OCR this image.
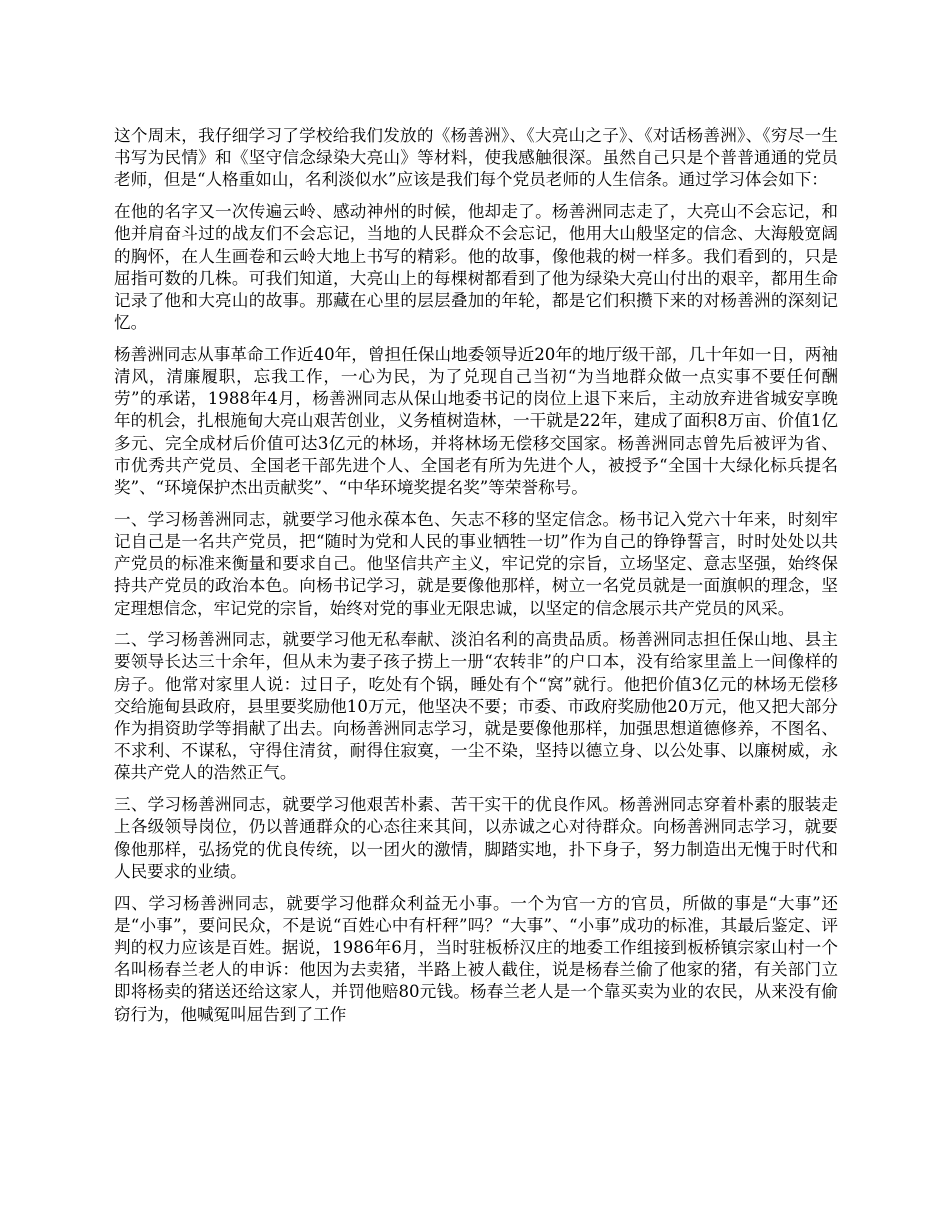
这个周末，我仔细学习了学校给我们发放的《杨善洲》、《大亮山之子》、《对话杨善洲》、《穷尽一生书写为民情》和《坚守信念绿染大亮山》等材料，使我感触很深。虽然自己只是个普普通通的党员老师，但是“人格重如山，名利淡似水”应该是我们每个党员老师的人生信条。通过学习体会如下：

在他的名字又一次传遍云岭、感动神州的时候，他却走了。杨善洲同志走了，大亮山不会忘记，和他并肩奋斗过的战友们不会忘记，当地的人民群众不会忘记，他用大山般坚定的信念、大海般宽阔的胸怀，在人生画卷和云岭大地上书写的精彩。他的故事，像他栽的树一样多。我们看到的，只是屈指可数的几株。可我们知道，大亮山上的每棵树都看到了他为绿染大亮山付出的艰辛，都用生命记录了他和大亮山的故事。那藏在心里的层层叠加的年轮，都是它们积攒下来的对杨善洲的深刻记忆。

杨善洲同志从事革命工作近40年，曾担任保山地委领导近20年的地厅级干部，几十年如一日，两袖清风，清廉履职，忘我工作，一心为民，为了兑现自己当初“为当地群众做一点实事不要任何酬劳”的承诺，1988年4月，杨善洲同志从保山地委书记的岗位上退下来后，主动放弃进省城安享晚年的机会，扎根施甸大亮山艰苦创业，义务植树造林，一干就是22年，建成了面积8万亩、价值1亿多元、完全成材后价值可达3亿元的林场，并将林场无偿移交国家。杨善洲同志曾先后被评为省、市优秀共产党员、全国老干部先进个人、全国老有所为先进个人，被授予“全国十大绿化标兵提名奖”、“环境保护杰出贡献奖”、“中华环境奖提名奖”等荣誉称号。

一、学习杨善洲同志，就要学习他永葆本色、矢志不移的坚定信念。杨书记入党六十年来，时刻牢记自己是一名共产党员，把“随时为党和人民的事业牺牲一切”作为自己的铮铮誓言，时时处处以共产党员的标准来衡量和要求自己。他坚信共产主义，牢记党的宗旨，立场坚定、意志坚强，始终保持共产党员的政治本色。向杨书记学习，就是要像他那样，树立一名党员就是一面旗帜的理念，坚定理想信念，牢记党的宗旨，始终对党的事业无限忠诚，以坚定的信念展示共产党员的风采。

二、学习杨善洲同志，就要学习他无私奉献、淡泊名利的高贵品质。杨善洲同志担任保山地、县主要领导长达三十余年，但从未为妻子孩子捞上一册“农转非”的户口本，没有给家里盖上一间像样的房子。他常对家里人说：过日子，吃处有个锅，睡处有个“窝”就行。他把价值3亿元的林场无偿移交给施甸县政府，县里要奖励他10万元，他坚决不要；市委、市政府奖励他20万元，他又把大部分作为捐资助学等捐献了出去。向杨善洲同志学习，就是要像他那样，加强思想道德修养，不图名、不求利、不谋私，守得住清贫，耐得住寂寞，一尘不染，坚持以德立身、以公处事、以廉树威，永葆共产党人的浩然正气。

三、学习杨善洲同志，就要学习他艰苦朴素、苦干实干的优良作风。杨善洲同志穿着朴素的服装走上各级领导岗位，仍以普通群众的心态往来其间，以赤诚之心对待群众。向杨善洲同志学习，就要像他那样，弘扬党的优良传统，以一团火的激情，脚踏实地，扑下身子，努力制造出无愧于时代和人民要求的业绩。

四、学习杨善洲同志，就要学习他群众利益无小事。一个为官一方的官员，所做的事是“大事”还是“小事”，要问民众，不是说“百姓心中有杆秤”吗？“大事”、“小事”成功的标准，其最后鉴定、评判的权力应该是百姓。据说，1986年6月，当时驻板桥汉庄的地委工作组接到板桥镇宗家山村一个名叫杨春兰老人的申诉：他因为去卖猪，半路上被人截住，说是杨春兰偷了他家的猪，有关部门立即将杨卖的猪送还给这家人，并罚他赔80元钱。杨春兰老人是一个靠买卖为业的农民，从来没有偷窃行为，他喊冤叫屈告到了工作
